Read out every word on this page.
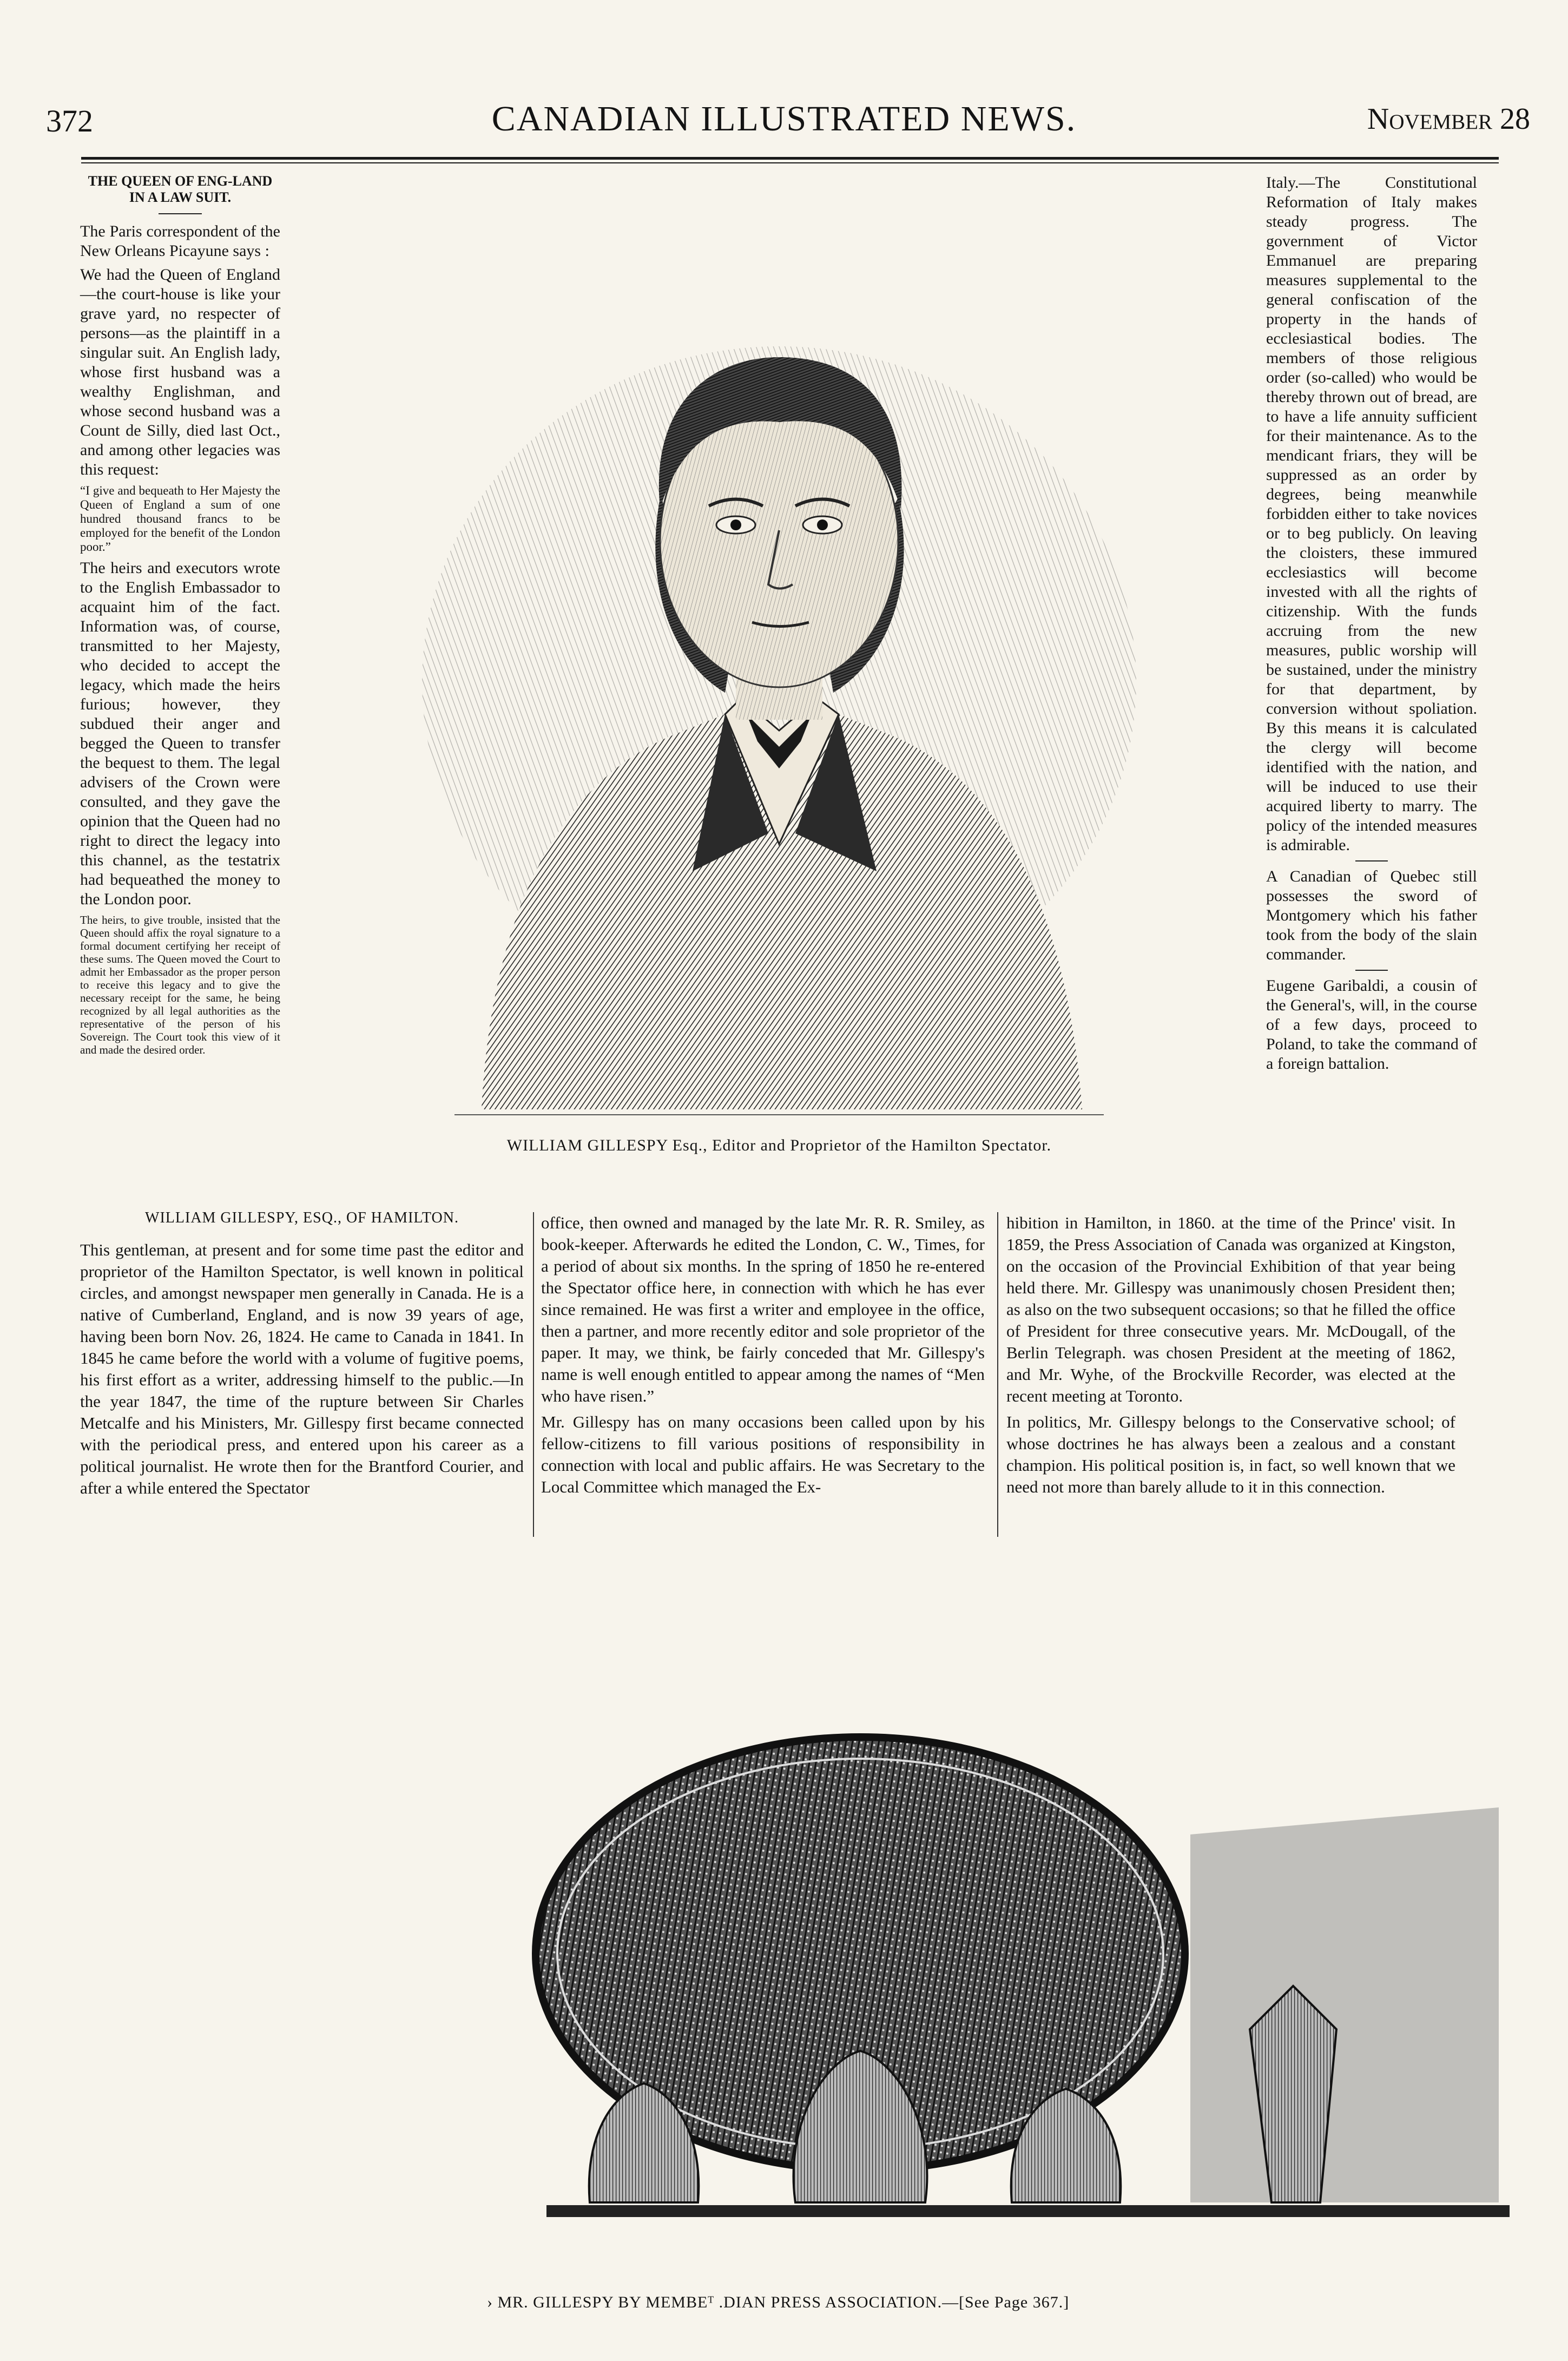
372	CANADIAN ILLUSTRATED NEWS.	November 28
THE QUEEN OF ENG-LAND IN A LAW SUIT.

The Paris correspondent of the New Orleans Picayune says :

We had the Queen of England —the court-house is like your grave yard, no respecter of persons—as the plaintiff in a singular suit. An English lady, whose first husband was a wealthy Englishman, and whose second husband was a Count de Silly, died last Oct., and among other legacies was this request:

“I give and bequeath to Her Majesty the Queen of England a sum of one hundred thousand francs to be employed for the benefit of the London poor.”

The heirs and executors wrote to the English Embassador to acquaint him of the fact. Information was, of course, transmitted to her Majesty, who decided to accept the legacy, which made the heirs furious; however, they subdued their anger and begged the Queen to transfer the bequest to them. The legal advisers of the Crown were consulted, and they gave the opinion that the Queen had no right to direct the legacy into this channel, as the testatrix had bequeathed the money to the London poor.

The heirs, to give trouble, insisted that the Queen should affix the royal signature to a formal document certifying her receipt of these sums. The Queen moved the Court to admit her Embassador as the proper person to receive this legacy and to give the necessary receipt for the same, he being recognized by all legal authorities as the representative of the person of his Sovereign. The Court took this view of it and made the desired order.

WILLIAM GILLESPY Esq., Editor and Proprietor of the Hamilton Spectator.

Italy.—The Constitutional Reformation of Italy makes steady progress. The government of Victor Emmanuel are preparing measures supplemental to the general confiscation of the property in the hands of ecclesiastical bodies. The members of those religious order (so-called) who would be thereby thrown out of bread, are to have a life annuity sufficient for their maintenance. As to the mendicant friars, they will be suppressed as an order by degrees, being meanwhile forbidden either to take novices or to beg publicly. On leaving the cloisters, these immured ecclesiastics will become invested with all the rights of citizenship. With the funds accruing from the new measures, public worship will be sustained, under the ministry for that department, by conversion without spoliation. By this means it is calculated the clergy will become identified with the nation, and will be induced to use their acquired liberty to marry. The policy of the intended measures is admirable.

A Canadian of Quebec still possesses the sword of Montgomery which his father took from the body of the slain commander.

Eugene Garibaldi, a cousin of the General's, will, in the course of a few days, proceed to Poland, to take the command of a foreign battalion.

WILLIAM GILLESPY, ESQ., OF HAMILTON.

This gentleman, at present and for some time past the editor and proprietor of the Hamilton Spectator, is well known in political circles, and amongst newspaper men generally in Canada. He is a native of Cumberland, England, and is now 39 years of age, having been born Nov. 26, 1824. He came to Canada in 1841. In 1845 he came before the world with a volume of fugitive poems, his first effort as a writer, addressing himself to the public.—In the year 1847, the time of the rupture between Sir Charles Metcalfe and his Ministers, Mr. Gillespy first became connected with the periodical press, and entered upon his career as a political journalist. He wrote then for the Brantford Courier, and after a while entered the Spectator

office, then owned and managed by the late Mr. R. R. Smiley, as book-keeper. Afterwards he edited the London, C. W., Times, for a period of about six months. In the spring of 1850 he re-entered the Spectator office here, in connection with which he has ever since remained. He was first a writer and employee in the office, then a partner, and more recently editor and sole proprietor of the paper. It may, we think, be fairly conceded that Mr. Gillespy's name is well enough entitled to appear among the names of “Men who have risen.”

Mr. Gillespy has on many occasions been called upon by his fellow-citizens to fill various positions of responsibility in connection with local and public affairs. He was Secretary to the Local Committee which managed the Ex-

hibition in Hamilton, in 1860. at the time of the Prince' visit. In 1859, the Press Association of Canada was organized at Kingston, on the occasion of the Provincial Exhibition of that year being held there. Mr. Gillespy was unanimously chosen President then; as also on the two subsequent occasions; so that he filled the office of President for three consecutive years. Mr. McDougall, of the Berlin Telegraph. was chosen President at the meeting of 1862, and Mr. Wyhe, of the Brockville Recorder, was elected at the recent meeting at Toronto.

In politics, Mr. Gillespy belongs to the Conservative school; of whose doctrines he has always been a zealous and a constant champion. His political position is, in fact, so well known that we need not more than barely allude to it in this connection.

› MR. GILLESPY BY MEMBEᵀ .DIAN PRESS ASSOCIATION.—[See Page 367.]
